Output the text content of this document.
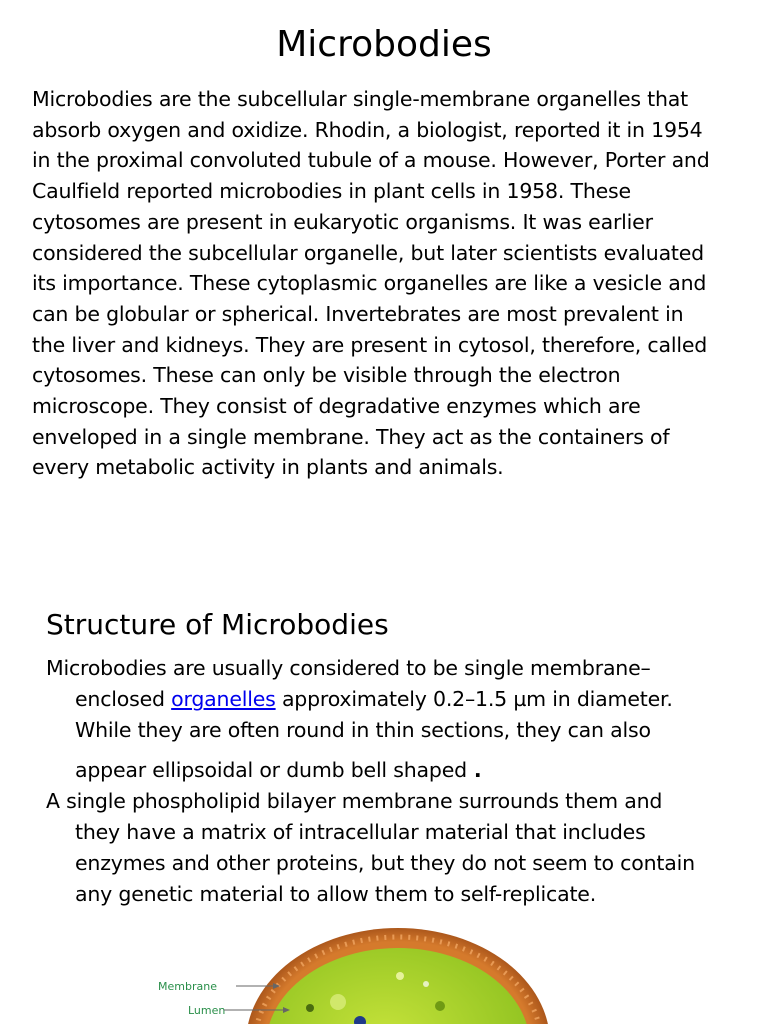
Microbodies
Microbodies are the subcellular single-membrane organelles that
absorb oxygen and oxidize. Rhodin, a biologist, reported it in 1954
in the proximal convoluted tubule of a mouse. However, Porter and
Caulfield reported microbodies in plant cells in 1958. These
cytosomes are present in eukaryotic organisms. It was earlier
considered the subcellular organelle, but later scientists evaluated
its importance. These cytoplasmic organelles are like a vesicle and
can be globular or spherical. Invertebrates are most prevalent in
the liver and kidneys. They are present in cytosol, therefore, called
cytosomes. These can only be visible through the electron
microscope. They consist of degradative enzymes which are
enveloped in a single membrane. They act as the containers of
every metabolic activity in plants and animals.
Structure of Microbodies
Microbodies are usually considered to be single membrane–
enclosed organelles approximately 0.2–1.5 µm in diameter.
While they are often round in thin sections, they can also
appear ellipsoidal or dumb bell shaped .
A single phospholipid bilayer membrane surrounds them and
they have a matrix of intracellular material that includes
enzymes and other proteins, but they do not seem to contain
any genetic material to allow them to self-replicate.
Membrane
Lumen
